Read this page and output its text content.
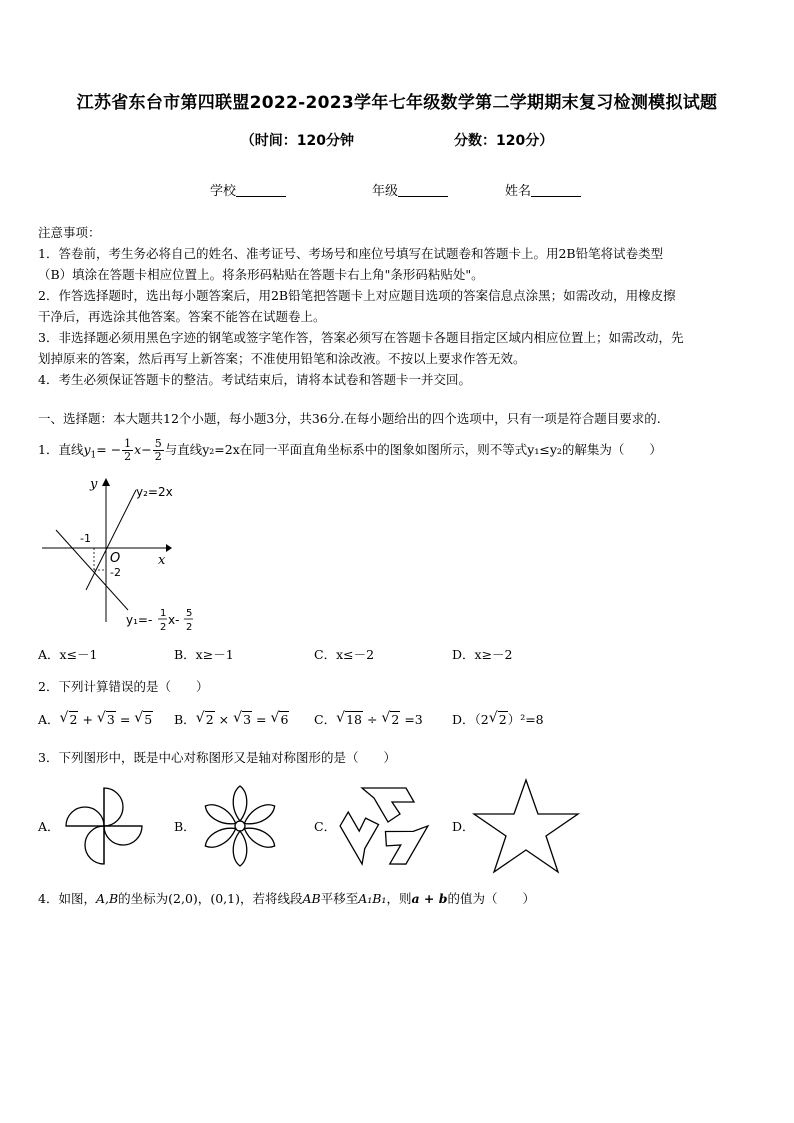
江苏省东台市第四联盟2022-2023学年七年级数学第二学期期末复习检测模拟试题
（时间：120分钟	分数：120分）
学校	年级	姓名

注意事项：

1．答卷前，考生务必将自己的姓名、准考证号、考场号和座位号填写在试题卷和答题卡上。用2B铅笔将试卷类型

（B）填涂在答题卡相应位置上。将条形码粘贴在答题卡右上角"条形码粘贴处"。

2．作答选择题时，选出每小题答案后，用2B铅笔把答题卡上对应题目选项的答案信息点涂黑；如需改动，用橡皮擦

干净后，再选涂其他答案。答案不能答在试题卷上。

3．非选择题必须用黑色字迹的钢笔或签字笔作答，答案必须写在答题卡各题目指定区域内相应位置上；如需改动，先

划掉原来的答案，然后再写上新答案；不准使用铅笔和涂改液。不按以上要求作答无效。

4．考生必须保证答题卡的整洁。考试结束后，请将本试卷和答题卡一并交回。

一、选择题：本大题共12个小题，每小题3分，共36分.在每小题给出的四个选项中，只有一项是符合题目要求的.
1．直线$y_1= - \frac{1}{2} x- \frac{5}{2}$ 与直线y₂=2x在同一平面直角坐标系中的图象如图所示，则不等式y₁≤y₂的解集为（　　）
y
x
O
y₂=2x
-1
-2
y₁=- 1
2
x- 5
2
A．x≤－1	B．x≥－1	C．x≤－2	D．x≥－2
2．下列计算错误的是（　　）
A． √ 2 + √ 3 = √ 5 B． √ 2 × √ 3 = √ 6 C． √ 18 ÷ √ 2 =3 D．（2 √ 2）²=8
3．下列图形中，既是中心对称图形又是轴对称图形的是（　　）
A．	B．	C．	D．
4．如图，A,B的坐标为(2,0)，(0,1)，若将线段AB平移至A₁B₁，则a + b的值为（　　）
